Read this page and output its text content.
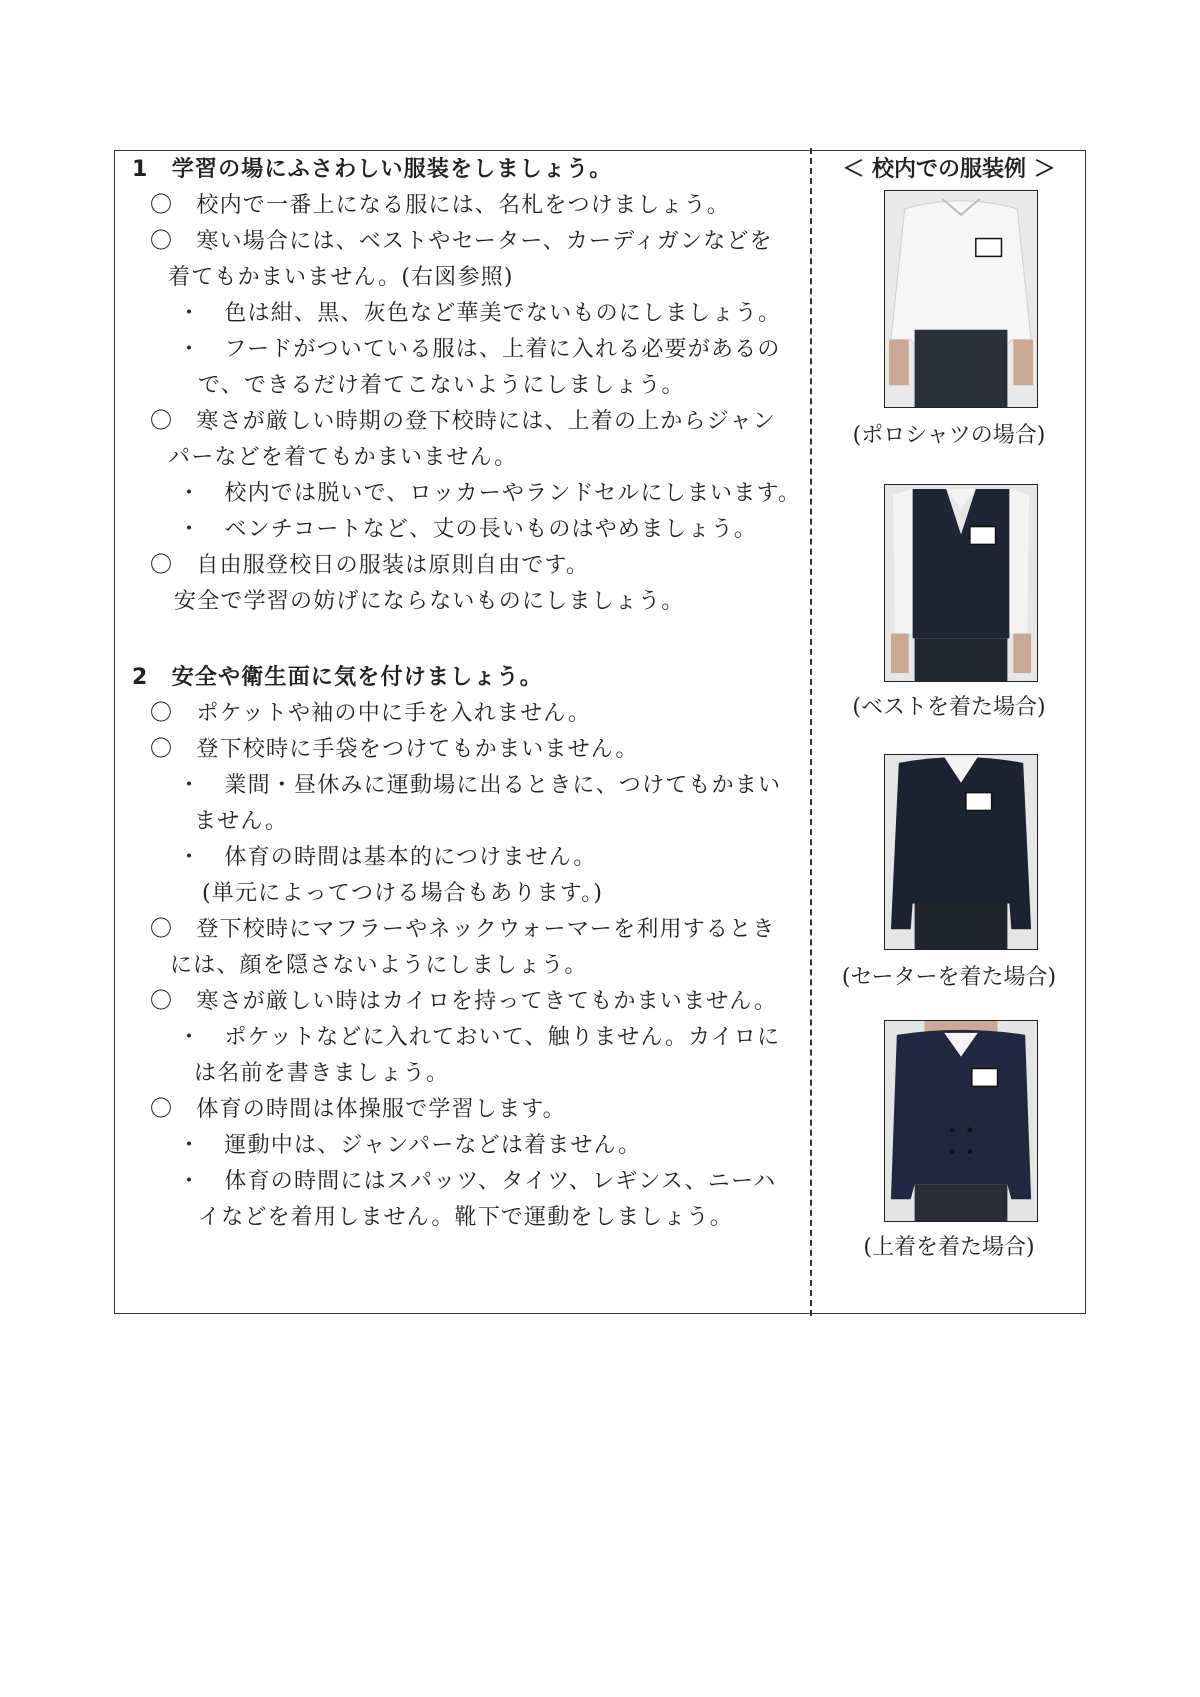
1　学習の場にふさわしい服装をしましょう。
〇　校内で一番上になる服には、名札をつけましょう。
〇　寒い場合には、ベストやセーター、カーディガンなどを
着てもかまいません。(右図参照)
・　色は紺、黒、灰色など華美でないものにしましょう。
・　フードがついている服は、上着に入れる必要があるの
で、できるだけ着てこないようにしましょう。
〇　寒さが厳しい時期の登下校時には、上着の上からジャン
パーなどを着てもかまいません。
・　校内では脱いで、ロッカーやランドセルにしまいます。
・　ベンチコートなど、丈の長いものはやめましょう。
〇　自由服登校日の服装は原則自由です。
安全で学習の妨げにならないものにしましょう。
2　安全や衛生面に気を付けましょう。
〇　ポケットや袖の中に手を入れません。
〇　登下校時に手袋をつけてもかまいません。
・　業間・昼休みに運動場に出るときに、つけてもかまい
ません。
・　体育の時間は基本的につけません。
(単元によってつける場合もあります。)
〇　登下校時にマフラーやネックウォーマーを利用するとき
には、顔を隠さないようにしましょう。
〇　寒さが厳しい時はカイロを持ってきてもかまいません。
・　ポケットなどに入れておいて、触りません。カイロに
は名前を書きましょう。
〇　体育の時間は体操服で学習します。
・　運動中は、ジャンパーなどは着ません。
・　体育の時間にはスパッツ、タイツ、レギンス、ニーハ
イなどを着用しません。靴下で運動をしましょう。
＜ 校内での服装例 ＞
(ポロシャツの場合)
(ベストを着た場合)
(セーターを着た場合)
(上着を着た場合)
